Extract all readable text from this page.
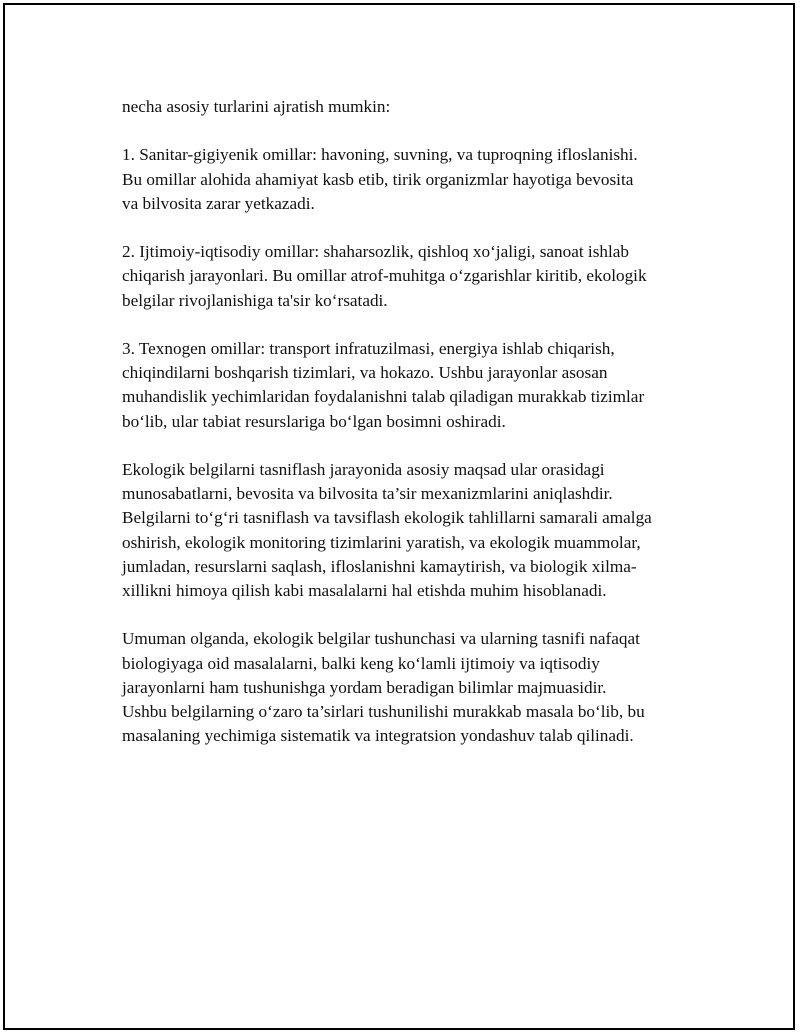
necha asosiy turlarini ajratish mumkin:

1. Sanitar-gigiyenik omillar: havoning, suvning, va tuproqning ifloslanishi.
Bu omillar alohida ahamiyat kasb etib, tirik organizmlar hayotiga bevosita
va bilvosita zarar yetkazadi.

2. Ijtimoiy-iqtisodiy omillar: shaharsozlik, qishloq xo‘jaligi, sanoat ishlab
chiqarish jarayonlari. Bu omillar atrof-muhitga o‘zgarishlar kiritib, ekologik
belgilar rivojlanishiga ta'sir ko‘rsatadi.

3. Texnogen omillar: transport infratuzilmasi, energiya ishlab chiqarish,
chiqindilarni boshqarish tizimlari, va hokazo. Ushbu jarayonlar asosan
muhandislik yechimlaridan foydalanishni talab qiladigan murakkab tizimlar
bo‘lib, ular tabiat resurslariga bo‘lgan bosimni oshiradi.

Ekologik belgilarni tasniflash jarayonida asosiy maqsad ular orasidagi
munosabatlarni, bevosita va bilvosita ta’sir mexanizmlarini aniqlashdir.
Belgilarni to‘g‘ri tasniflash va tavsiflash ekologik tahlillarni samarali amalga
oshirish, ekologik monitoring tizimlarini yaratish, va ekologik muammolar,
jumladan, resurslarni saqlash, ifloslanishni kamaytirish, va biologik xilma-
xillikni himoya qilish kabi masalalarni hal etishda muhim hisoblanadi.

Umuman olganda, ekologik belgilar tushunchasi va ularning tasnifi nafaqat
biologiyaga oid masalalarni, balki keng ko‘lamli ijtimoiy va iqtisodiy
jarayonlarni ham tushunishga yordam beradigan bilimlar majmuasidir.
Ushbu belgilarning o‘zaro ta’sirlari tushunilishi murakkab masala bo‘lib, bu
masalaning yechimiga sistematik va integratsion yondashuv talab qilinadi.
